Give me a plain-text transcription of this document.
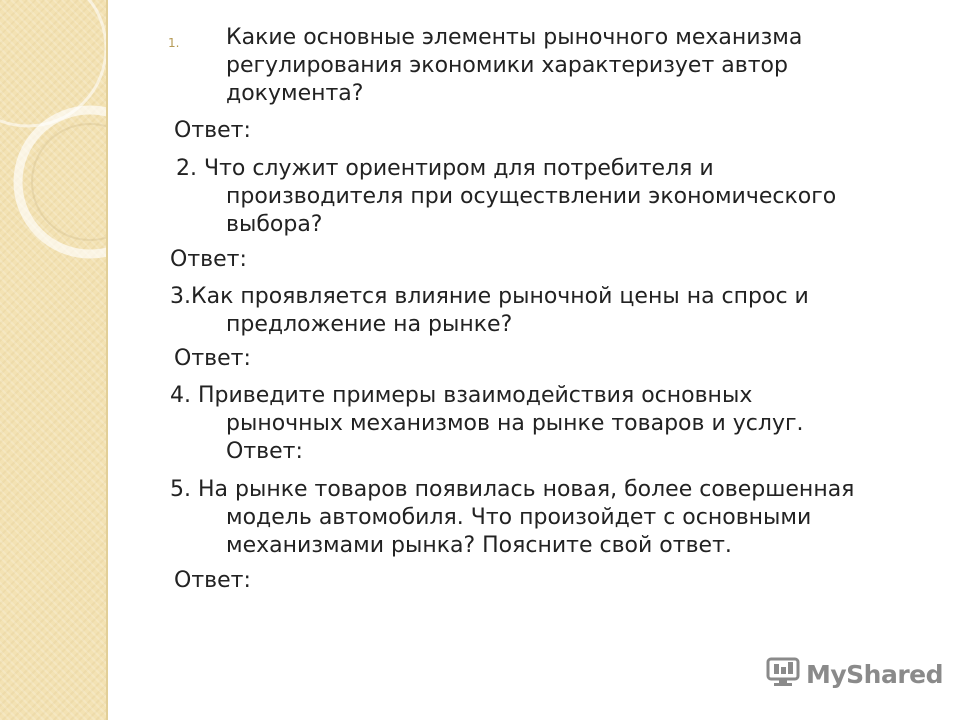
1. Какие основные элементы рыночного механизма

регулирования экономики характеризует автор

документа?

Ответ:

2. Что служит ориентиром для потребителя и

производителя при осуществлении экономического

выбора?

Ответ:

3.Как проявляется влияние рыночной цены на спрос и

предложение на рынке?

Ответ:

4. Приведите примеры взаимодействия основных

рыночных механизмов на рынке товаров и услуг.

Ответ:

5. На рынке товаров появилась новая, более совершенная

модель автомобиля. Что произойдет с основными

механизмами рынка? Поясните свой ответ.

Ответ:

MyShared
